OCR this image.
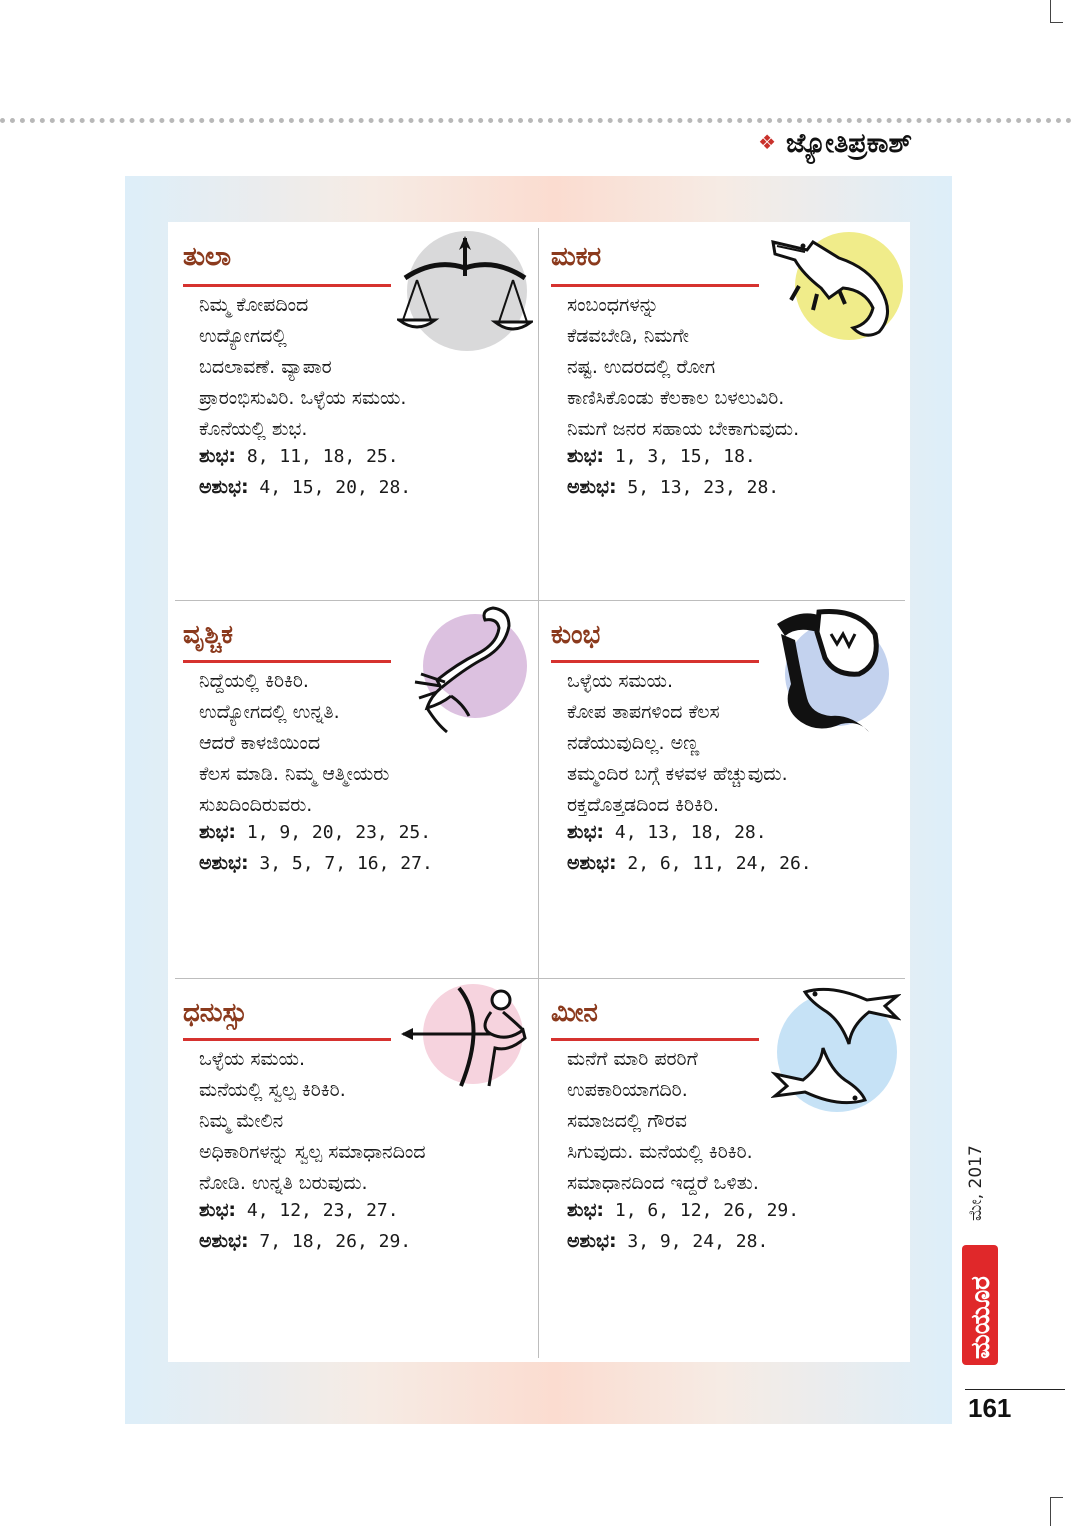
❖ ಜ್ಯೋತಿಪ್ರಕಾಶ್
ತುಲಾ
ನಿಮ್ಮ ಕೋಪದಿಂದ
ಉದ್ಯೋಗದಲ್ಲಿ
ಬದಲಾವಣೆ. ವ್ಯಾಪಾರ
ಪ್ರಾರಂಭಿಸುವಿರಿ. ಒಳ್ಳೆಯ ಸಮಯ.
ಕೊನೆಯಲ್ಲಿ ಶುಭ.
ಶುಭ: 8, 11, 18, 25.
ಅಶುಭ: 4, 15, 20, 28.
ಮಕರ
ಸಂಬಂಧಗಳನ್ನು
ಕೆಡವಬೇಡಿ, ನಿಮಗೇ
ನಷ್ಟ. ಉದರದಲ್ಲಿ ರೋಗ
ಕಾಣಿಸಿಕೊಂಡು ಕೆಲಕಾಲ ಬಳಲುವಿರಿ.
ನಿಮಗೆ ಜನರ ಸಹಾಯ ಬೇಕಾಗುವುದು.
ಶುಭ: 1, 3, 15, 18.
ಅಶುಭ: 5, 13, 23, 28.
ವೃಶ್ಚಿಕ
ನಿದ್ದೆಯಲ್ಲಿ ಕಿರಿಕಿರಿ.
ಉದ್ಯೋಗದಲ್ಲಿ ಉನ್ನತಿ.
ಆದರೆ ಕಾಳಜಿಯಿಂದ
ಕೆಲಸ ಮಾಡಿ. ನಿಮ್ಮ ಆತ್ಮೀಯರು
ಸುಖದಿಂದಿರುವರು.
ಶುಭ: 1, 9, 20, 23, 25.
ಅಶುಭ: 3, 5, 7, 16, 27.
ಕುಂಭ
ಒಳ್ಳೆಯ ಸಮಯ.
ಕೋಪ ತಾಪಗಳಿಂದ ಕೆಲಸ
ನಡೆಯುವುದಿಲ್ಲ. ಅಣ್ಣ
ತಮ್ಮಂದಿರ ಬಗ್ಗೆ ಕಳವಳ ಹೆಚ್ಚುವುದು.
ರಕ್ತದೊತ್ತಡದಿಂದ ಕಿರಿಕಿರಿ.
ಶುಭ: 4, 13, 18, 28.
ಅಶುಭ: 2, 6, 11, 24, 26.
ಧನುಸ್ಸು
ಒಳ್ಳೆಯ ಸಮಯ.
ಮನೆಯಲ್ಲಿ ಸ್ವಲ್ಪ ಕಿರಿಕಿರಿ.
ನಿಮ್ಮ ಮೇಲಿನ
ಅಧಿಕಾರಿಗಳನ್ನು ಸ್ವಲ್ಪ ಸಮಾಧಾನದಿಂದ
ನೋಡಿ. ಉನ್ನತಿ ಬರುವುದು.
ಶುಭ: 4, 12, 23, 27.
ಅಶುಭ: 7, 18, 26, 29.
ಮೀನ
ಮನೆಗೆ ಮಾರಿ ಪರರಿಗೆ
ಉಪಕಾರಿಯಾಗದಿರಿ.
ಸಮಾಜದಲ್ಲಿ ಗೌರವ
ಸಿಗುವುದು. ಮನೆಯಲ್ಲಿ ಕಿರಿಕಿರಿ.
ಸಮಾಧಾನದಿಂದ ಇದ್ದರೆ ಒಳಿತು.
ಶುಭ: 1, 6, 12, 26, 29.
ಅಶುಭ: 3, 9, 24, 28.
ಮೇ, 2017
ಮಯೂರ
161
